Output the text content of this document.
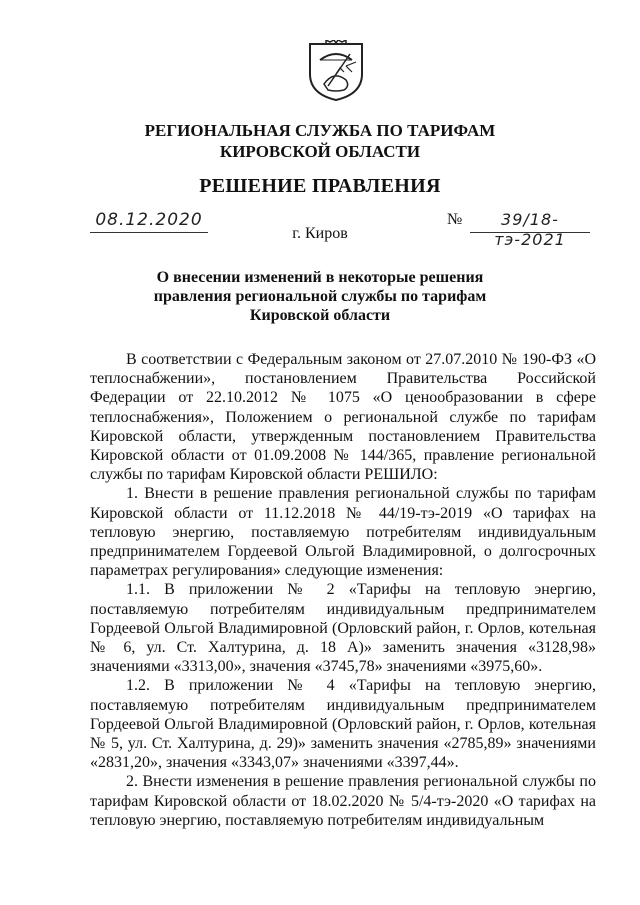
РЕГИОНАЛЬНАЯ СЛУЖБА ПО ТАРИФАМ
КИРОВСКОЙ ОБЛАСТИ
РЕШЕНИЕ ПРАВЛЕНИЯ
08.12.2020	№	39/18-тэ-2021
г. Киров
О внесении изменений в некоторые решения
правления региональной службы по тарифам
Кировской области

В соответствии с Федеральным законом от 27.07.2010 № 190-ФЗ «О теплоснабжении», постановлением Правительства Российской Федерации от 22.10.2012 № 1075 «О ценообразовании в сфере теплоснабжения», Положением о региональной службе по тарифам Кировской области, утвержденным постановлением Правительства Кировской области от 01.09.2008 № 144/365, правление региональной службы по тарифам Кировской области РЕШИЛО:

1. Внести в решение правления региональной службы по тарифам Кировской области от 11.12.2018 № 44/19-тэ-2019 «О тарифах на тепловую энергию, поставляемую потребителям индивидуальным предпринимателем Гордеевой Ольгой Владимировной, о долгосрочных параметрах регулирования» следующие изменения:

1.1. В приложении № 2 «Тарифы на тепловую энергию, поставляемую потребителям индивидуальным предпринимателем Гордеевой Ольгой Владимировной (Орловский район, г. Орлов, котельная № 6, ул. Ст. Халтурина, д. 18 А)» заменить значения «3128,98» значениями «3313,00», значения «3745,78» значениями «3975,60».

1.2. В приложении № 4 «Тарифы на тепловую энергию, поставляемую потребителям индивидуальным предпринимателем Гордеевой Ольгой Владимировной (Орловский район, г. Орлов, котельная № 5, ул. Ст. Халтурина, д. 29)» заменить значения «2785,89» значениями «2831,20», значения «3343,07» значениями «3397,44».

2. Внести изменения в решение правления региональной службы по тарифам Кировской области от 18.02.2020 № 5/4-тэ-2020 «О тарифах на тепловую энергию, поставляемую потребителям индивидуальным
